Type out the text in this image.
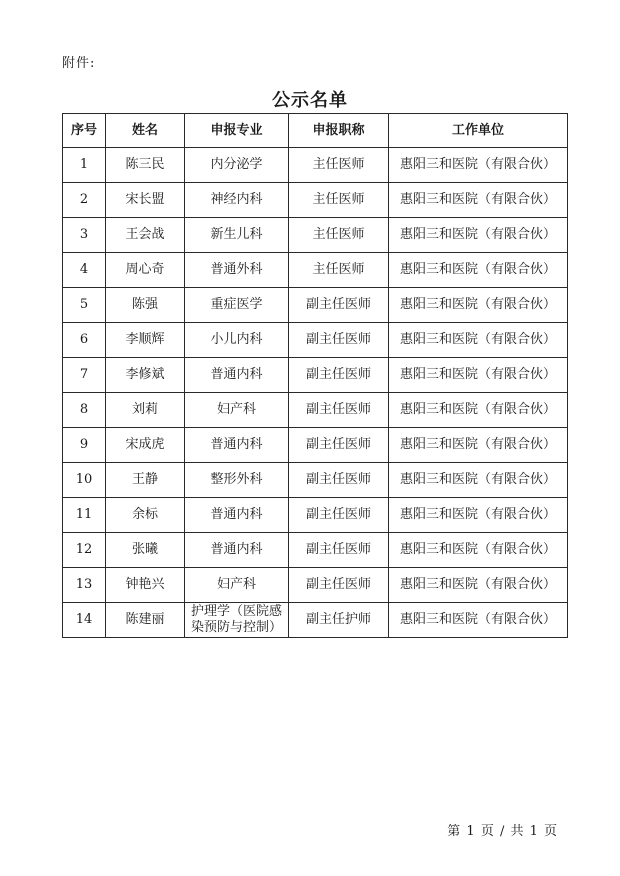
附件:
公示名单
序号	姓名	申报专业	申报职称	工作单位
1	陈三民	内分泌学	主任医师	惠阳三和医院（有限合伙）
2	宋长盟	神经内科	主任医师	惠阳三和医院（有限合伙）
3	王会战	新生儿科	主任医师	惠阳三和医院（有限合伙）
4	周心奇	普通外科	主任医师	惠阳三和医院（有限合伙）
5	陈强	重症医学	副主任医师	惠阳三和医院（有限合伙）
6	李顺辉	小儿内科	副主任医师	惠阳三和医院（有限合伙）
7	李修斌	普通内科	副主任医师	惠阳三和医院（有限合伙）
8	刘莉	妇产科	副主任医师	惠阳三和医院（有限合伙）
9	宋成虎	普通内科	副主任医师	惠阳三和医院（有限合伙）
10	王静	整形外科	副主任医师	惠阳三和医院（有限合伙）
11	余标	普通内科	副主任医师	惠阳三和医院（有限合伙）
12	张曦	普通内科	副主任医师	惠阳三和医院（有限合伙）
13	钟艳兴	妇产科	副主任医师	惠阳三和医院（有限合伙）
14	陈建丽	护理学（医院感染预防与控制）	副主任护师	惠阳三和医院（有限合伙）
第 1 页 / 共 1 页
